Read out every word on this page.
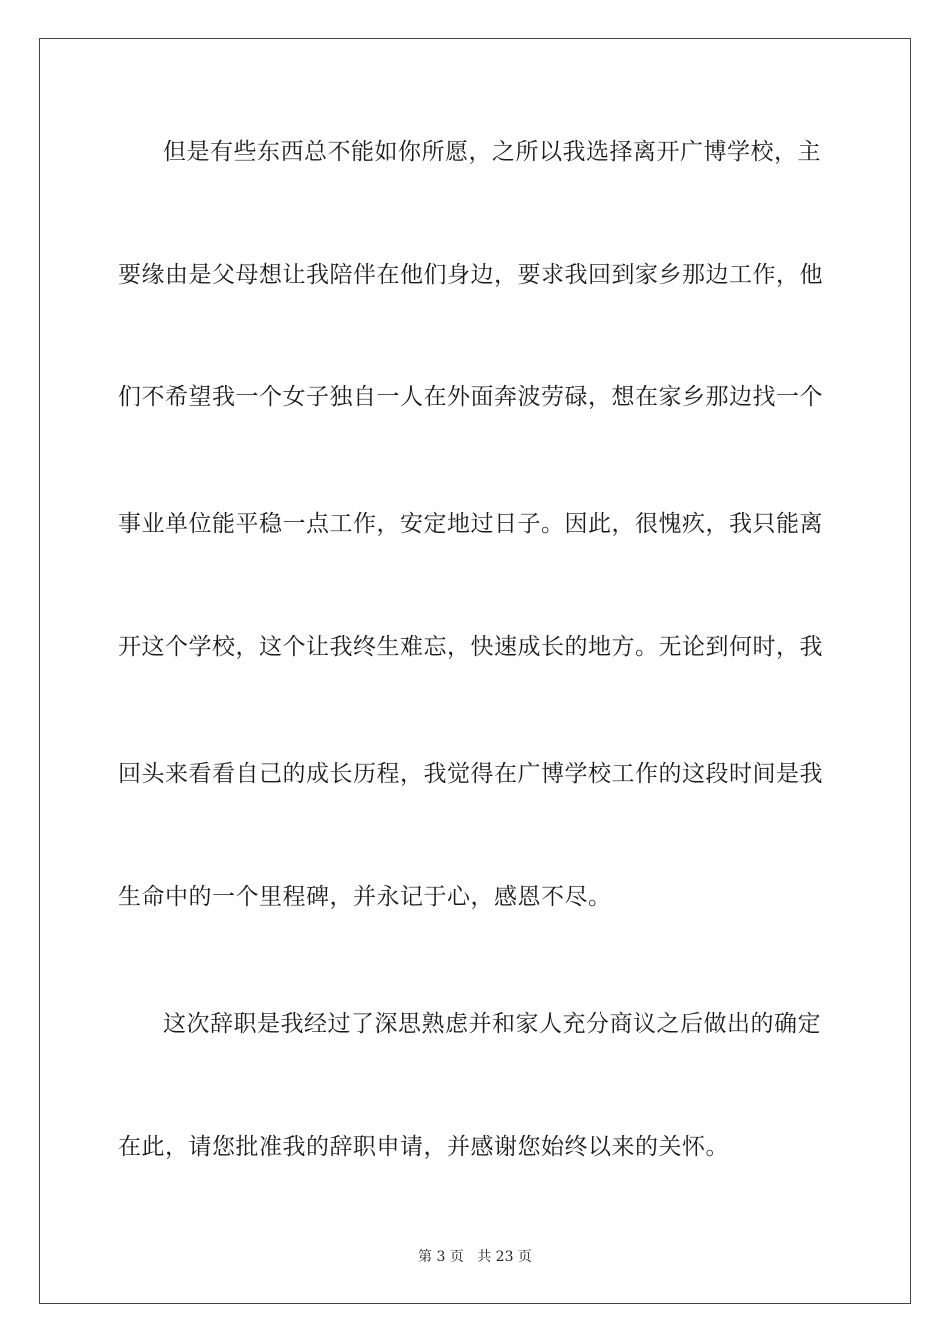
但是有些东西总不能如你所愿，之所以我选择离开广博学校，主
要缘由是父母想让我陪伴在他们身边，要求我回到家乡那边工作，他
们不希望我一个女子独自一人在外面奔波劳碌，想在家乡那边找一个
事业单位能平稳一点工作，安定地过日子。因此，很愧疚，我只能离
开这个学校，这个让我终生难忘，快速成长的地方。无论到何时，我
回头来看看自己的成长历程，我觉得在广博学校工作的这段时间是我
生命中的一个里程碑，并永记于心，感恩不尽。
这次辞职是我经过了深思熟虑并和家人充分商议之后做出的确定
在此，请您批准我的辞职申请，并感谢您始终以来的关怀。
第 3 页 共 23 页
